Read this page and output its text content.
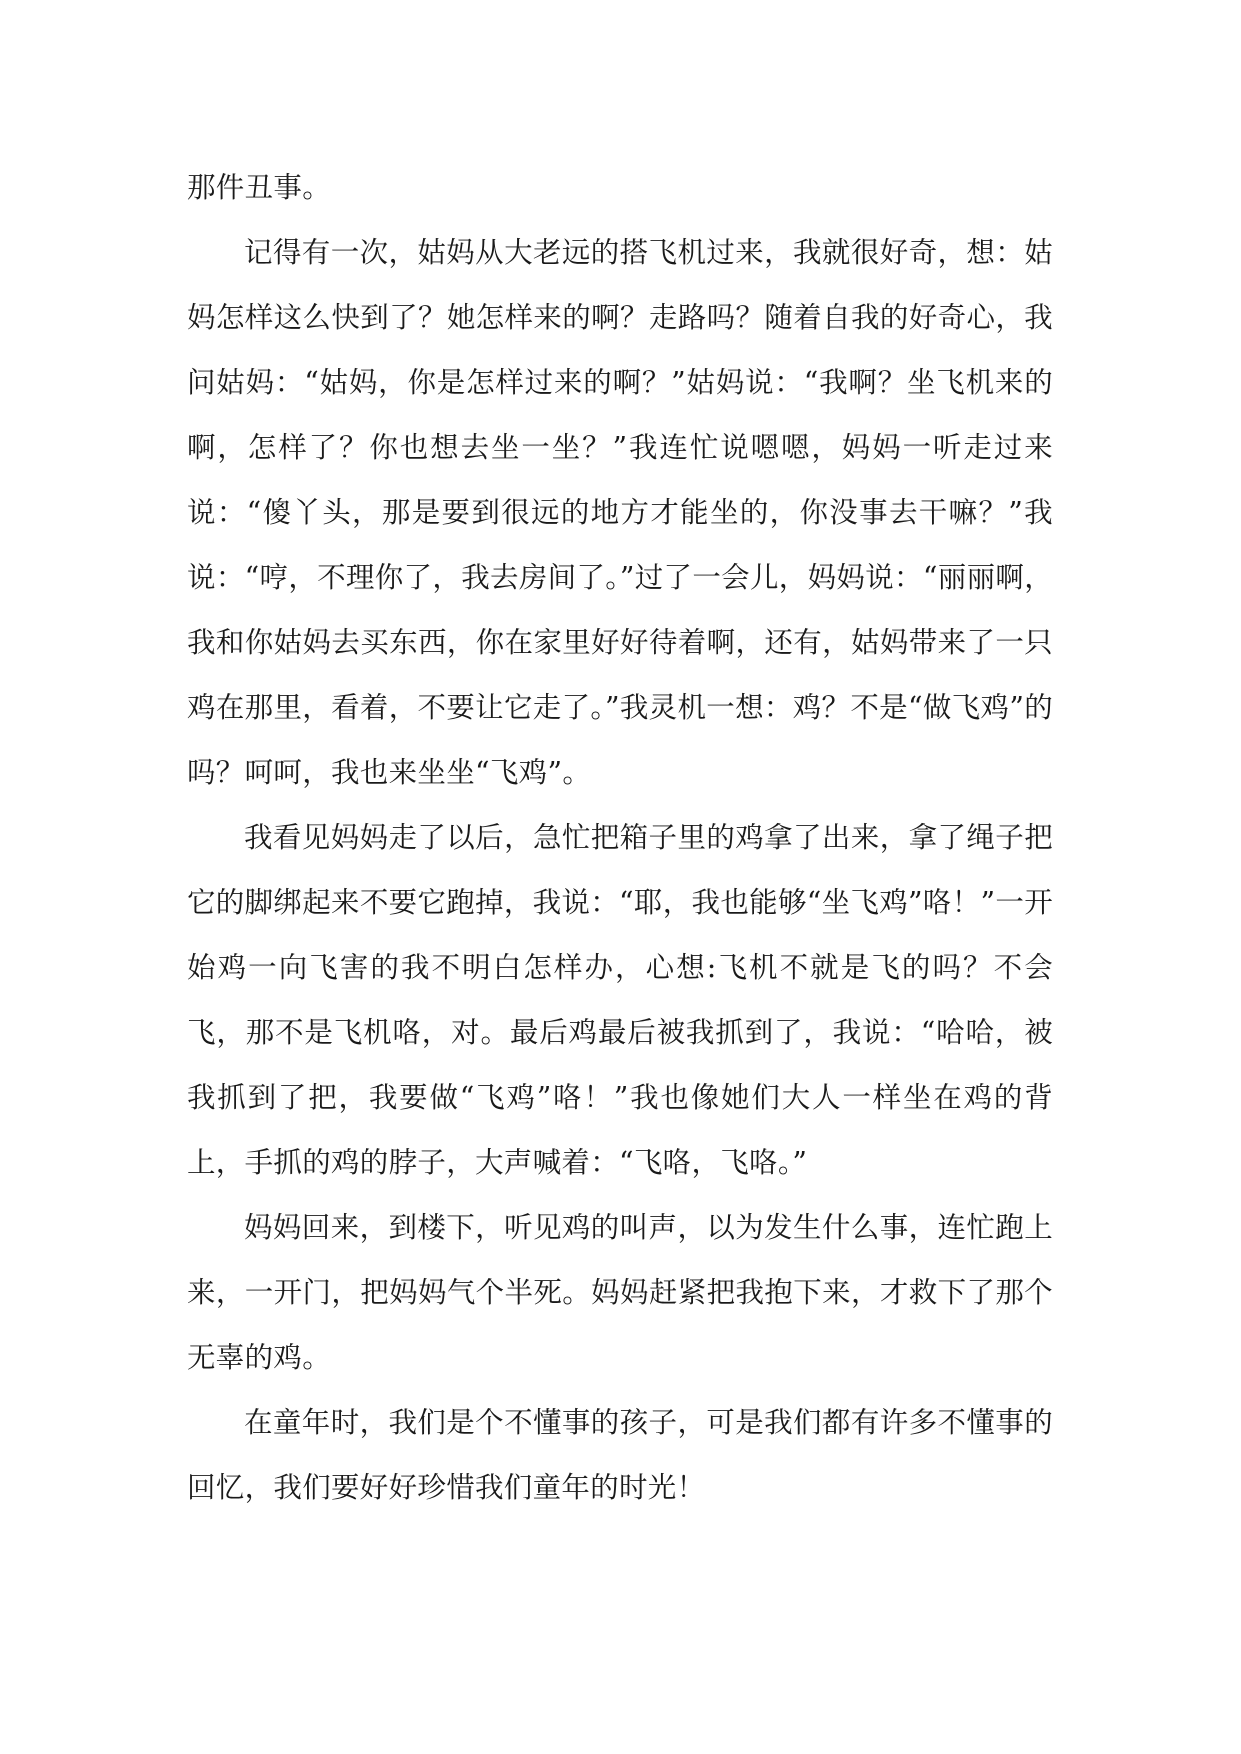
那件丑事。

记得有一次，姑妈从大老远的搭飞机过来，我就很好奇，想：姑妈怎样这么快到了？她怎样来的啊？走路吗？随着自我的好奇心，我问姑妈：“姑妈，你是怎样过来的啊？”姑妈说：“我啊？坐飞机来的啊，怎样了？你也想去坐一坐？”我连忙说嗯嗯，妈妈一听走过来说：“傻丫头，那是要到很远的地方才能坐的，你没事去干嘛？”我说：“哼，不理你了，我去房间了。”过了一会儿，妈妈说：“丽丽啊，我和你姑妈去买东西，你在家里好好待着啊，还有，姑妈带来了一只鸡在那里，看着，不要让它走了。”我灵机一想：鸡？不是“做飞鸡”的吗？呵呵，我也来坐坐“飞鸡”。

我看见妈妈走了以后，急忙把箱子里的鸡拿了出来，拿了绳子把它的脚绑起来不要它跑掉，我说：“耶，我也能够“坐飞鸡”咯！”一开始鸡一向飞害的我不明白怎样办，心想:飞机不就是飞的吗？不会飞，那不是飞机咯，对。最后鸡最后被我抓到了，我说：“哈哈，被我抓到了把，我要做“飞鸡”咯！”我也像她们大人一样坐在鸡的背上，手抓的鸡的脖子，大声喊着：“飞咯，飞咯。”

妈妈回来，到楼下，听见鸡的叫声，以为发生什么事，连忙跑上来，一开门，把妈妈气个半死。妈妈赶紧把我抱下来，才救下了那个无辜的鸡。

在童年时，我们是个不懂事的孩子，可是我们都有许多不懂事的回忆，我们要好好珍惜我们童年的时光！
